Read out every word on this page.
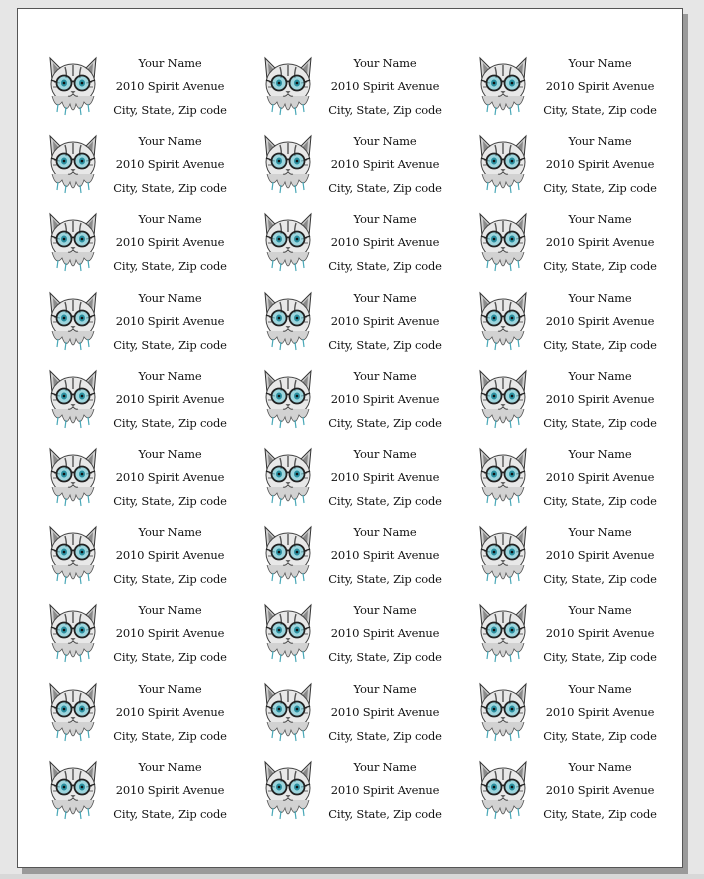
Your Name
2010 Spirit Avenue
City, State, Zip code
Your Name
2010 Spirit Avenue
City, State, Zip code
Your Name
2010 Spirit Avenue
City, State, Zip code
Your Name
2010 Spirit Avenue
City, State, Zip code
Your Name
2010 Spirit Avenue
City, State, Zip code
Your Name
2010 Spirit Avenue
City, State, Zip code
Your Name
2010 Spirit Avenue
City, State, Zip code
Your Name
2010 Spirit Avenue
City, State, Zip code
Your Name
2010 Spirit Avenue
City, State, Zip code
Your Name
2010 Spirit Avenue
City, State, Zip code
Your Name
2010 Spirit Avenue
City, State, Zip code
Your Name
2010 Spirit Avenue
City, State, Zip code
Your Name
2010 Spirit Avenue
City, State, Zip code
Your Name
2010 Spirit Avenue
City, State, Zip code
Your Name
2010 Spirit Avenue
City, State, Zip code
Your Name
2010 Spirit Avenue
City, State, Zip code
Your Name
2010 Spirit Avenue
City, State, Zip code
Your Name
2010 Spirit Avenue
City, State, Zip code
Your Name
2010 Spirit Avenue
City, State, Zip code
Your Name
2010 Spirit Avenue
City, State, Zip code
Your Name
2010 Spirit Avenue
City, State, Zip code
Your Name
2010 Spirit Avenue
City, State, Zip code
Your Name
2010 Spirit Avenue
City, State, Zip code
Your Name
2010 Spirit Avenue
City, State, Zip code
Your Name
2010 Spirit Avenue
City, State, Zip code
Your Name
2010 Spirit Avenue
City, State, Zip code
Your Name
2010 Spirit Avenue
City, State, Zip code
Your Name
2010 Spirit Avenue
City, State, Zip code
Your Name
2010 Spirit Avenue
City, State, Zip code
Your Name
2010 Spirit Avenue
City, State, Zip code
